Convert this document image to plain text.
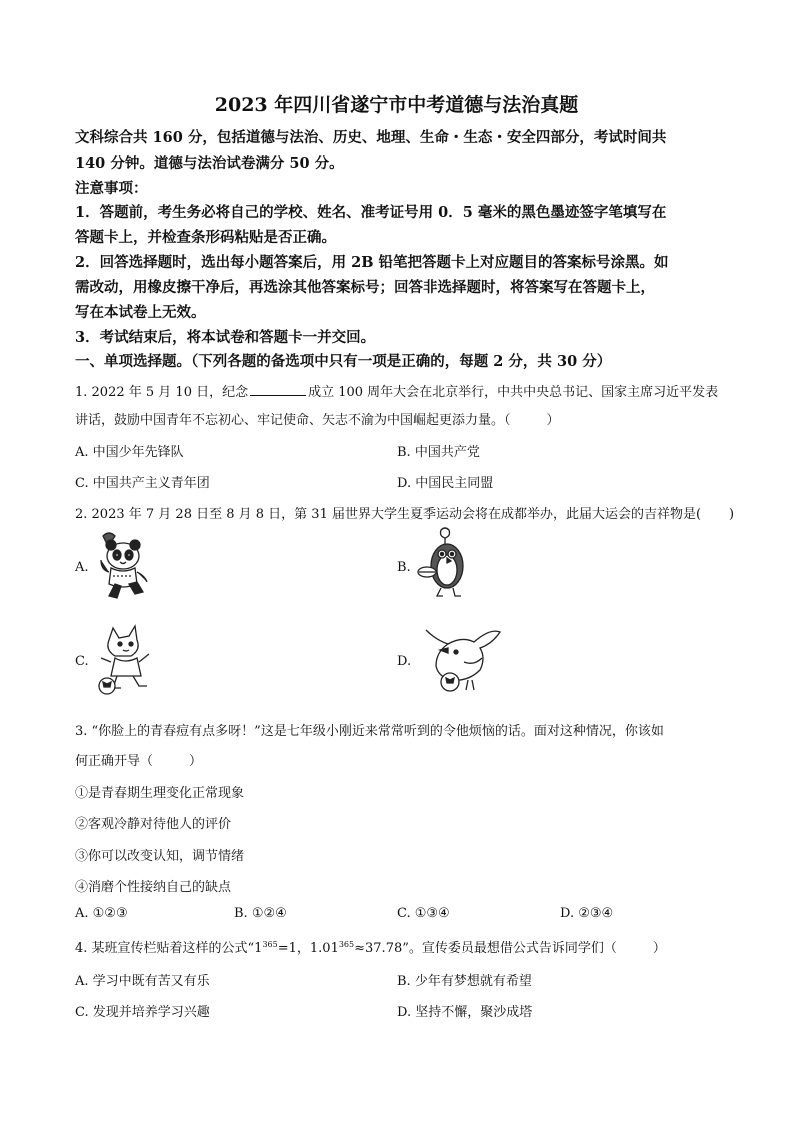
2023 年四川省遂宁市中考道德与法治真题
文科综合共 160 分，包括道德与法治、历史、地理、生命・生态・安全四部分，考试时间共
140 分钟。道德与法治试卷满分 50 分。
注意事项：
1．答题前，考生务必将自己的学校、姓名、准考证号用 0．5 毫米的黑色墨迹签字笔填写在
答题卡上，并检查条形码粘贴是否正确。
2．回答选择题时，选出每小题答案后，用 2B 铅笔把答题卡上对应题目的答案标号涂黑。如
需改动，用橡皮擦干净后，再选涂其他答案标号；回答非选择题时，将答案写在答题卡上，
写在本试卷上无效。
3．考试结束后，将本试卷和答题卡一并交回。
一、单项选择题。（下列各题的备选项中只有一项是正确的，每题 2 分，共 30 分）
1. 2022 年 5 月 10 日，纪念	成立 100 周年大会在北京举行，中共中央总书记、国家主席习近平发表
讲话，鼓励中国青年不忘初心、牢记使命、矢志不渝为中国崛起更添力量。（	）
A. 中国少年先锋队	B. 中国共产党
C. 中国共产主义青年团	D. 中国民主同盟
2. 2023 年 7 月 28 日至 8 月 8 日，第 31 届世界大学生夏季运动会将在成都举办，此届大运会的吉祥物是( )
A.	B.
C.	D.
3. “你脸上的青春痘有点多呀！”这是七年级小刚近来常常听到的令他烦恼的话。面对这种情况，你该如
何正确开导（	）
①是青春期生理变化正常现象
②客观冷静对待他人的评价
③你可以改变认知，调节情绪
④消磨个性接纳自己的缺点
A. ①②③	B. ①②④	C. ①③④	D. ②③④
4. 某班宣传栏贴着这样的公式“$1^{365}=1$，$1.01^{365}\approx 37.78$”。宣传委员最想借公式告诉同学们（	）
A. 学习中既有苦又有乐	B. 少年有梦想就有希望
C. 发现并培养学习兴趣	D. 坚持不懈，聚沙成塔
